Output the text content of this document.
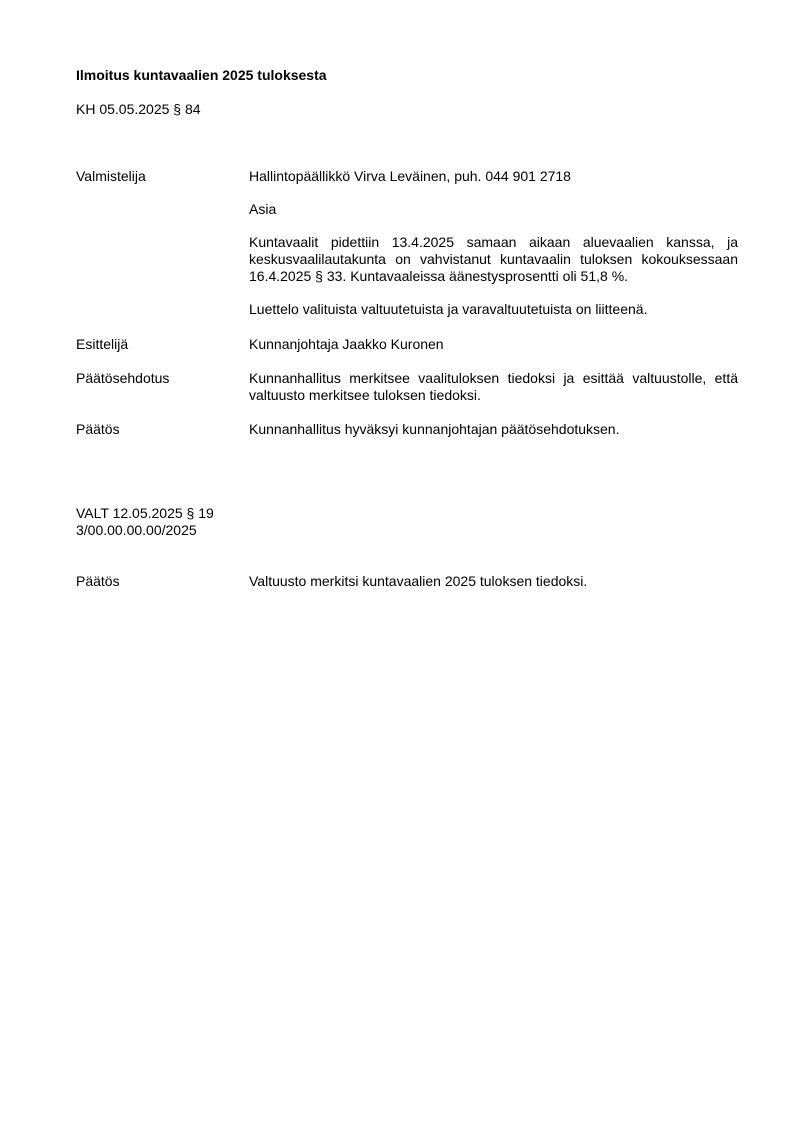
Ilmoitus kuntavaalien 2025 tuloksesta

KH 05.05.2025 § 84
Valmistelija	Hallintopäällikkö Virva Leväinen, puh. 044 901 2718

Asia

Kuntavaalit pidettiin 13.4.2025 samaan aikaan aluevaalien kanssa, ja keskusvaalilautakunta on vahvistanut kuntavaalin tuloksen kokouksessaan 16.4.2025 § 33. Kuntavaaleissa äänestysprosentti oli 51,8 %.

Luettelo valituista valtuutetuista ja varavaltuutetuista on liitteenä.

Esittelijä	Kunnanjohtaja Jaakko Kuronen
Päätösehdotus	Kunnanhallitus merkitsee vaalituloksen tiedoksi ja esittää valtuustolle, että valtuusto merkitsee tuloksen tiedoksi.
Päätös	Kunnanhallitus hyväksyi kunnanjohtajan päätösehdotuksen.
VALT 12.05.2025 § 19
3/00.00.00.00/2025
Päätös	Valtuusto merkitsi kuntavaalien 2025 tuloksen tiedoksi.
